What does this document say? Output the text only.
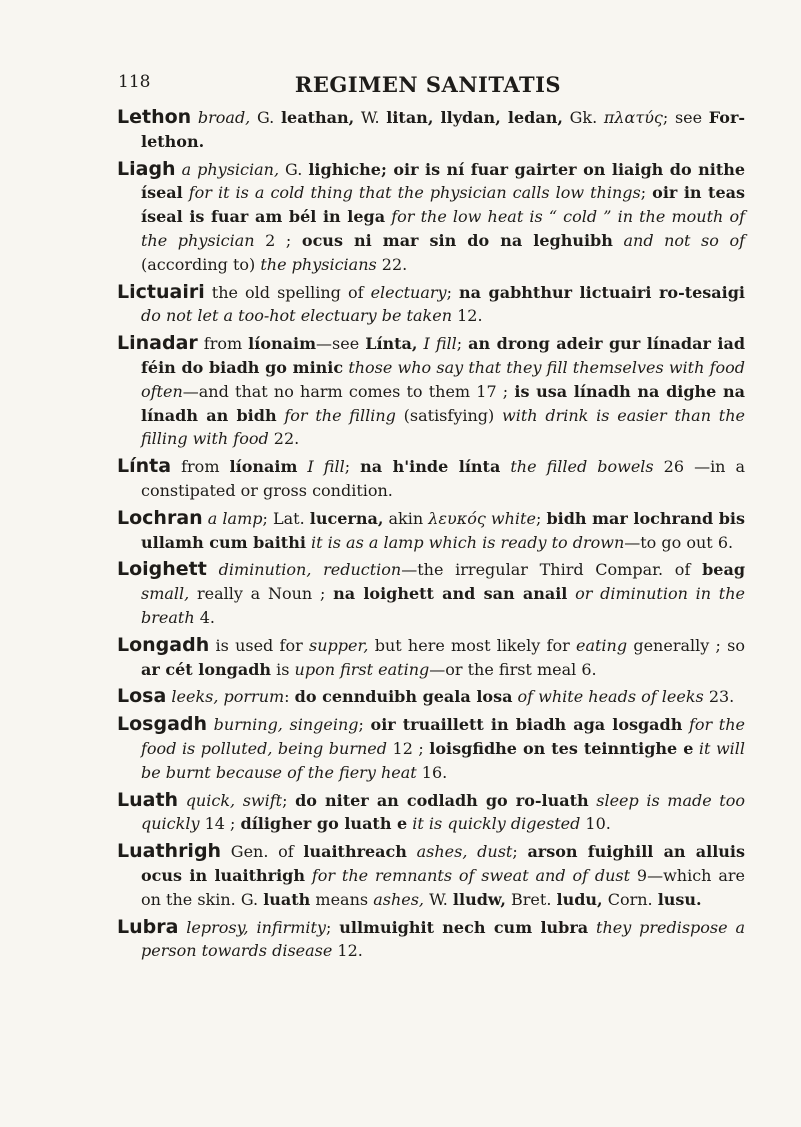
118	REGIMEN SANITATIS

Lethon broad, G. leathan, W. litan, llydan, ledan, Gk. πλατύς; see For-lethon.

Liagh a physician, G. lighiche; oir is ní fuar gairter on liaigh do nithe íseal for it is a cold thing that the physician calls low things; oir in teas íseal is fuar am bél in lega for the low heat is “ cold ” in the mouth of the physician 2 ; ocus ni mar sin do na leghuibh and not so of (according to) the physicians 22.

Lictuairi the old spelling of electuary; na gabhthur lictuairi ro-tesaigi do not let a too-hot electuary be taken 12.

Linadar from líonaim—see Línta, I fill; an drong adeir gur línadar iad féin do biadh go minic those who say that they fill themselves with food often—and that no harm comes to them 17 ; is usa línadh na dighe na línadh an bidh for the filling (satisfying) with drink is easier than the filling with food 22.

Línta from líonaim I fill; na h'inde línta the filled bowels 26 —in a constipated or gross condition.

Lochran a lamp; Lat. lucerna, akin λευκός white; bidh mar lochrand bis ullamh cum baithi it is as a lamp which is ready to drown—to go out 6.

Loighett diminution, reduction—the irregular Third Compar. of beag small, really a Noun ; na loighett and san anail or diminution in the breath 4.

Longadh is used for supper, but here most likely for eating generally ; so ar cét longadh is upon first eating—or the first meal 6.

Losa leeks, porrum: do cennduibh geala losa of white heads of leeks 23.

Losgadh burning, singeing; oir truaillett in biadh aga losgadh for the food is polluted, being burned 12 ; loisgfidhe on tes teinntighe e it will be burnt because of the fiery heat 16.

Luath quick, swift; do niter an codladh go ro-luath sleep is made too quickly 14 ; díligher go luath e it is quickly digested 10.

Luathrigh Gen. of luaithreach ashes, dust; arson fuighill an alluis ocus in luaithrigh for the remnants of sweat and of dust 9—which are on the skin. G. luath means ashes, W. lludw, Bret. ludu, Corn. lusu.

Lubra leprosy, infirmity; ullmuighit nech cum lubra they predispose a person towards disease 12.
